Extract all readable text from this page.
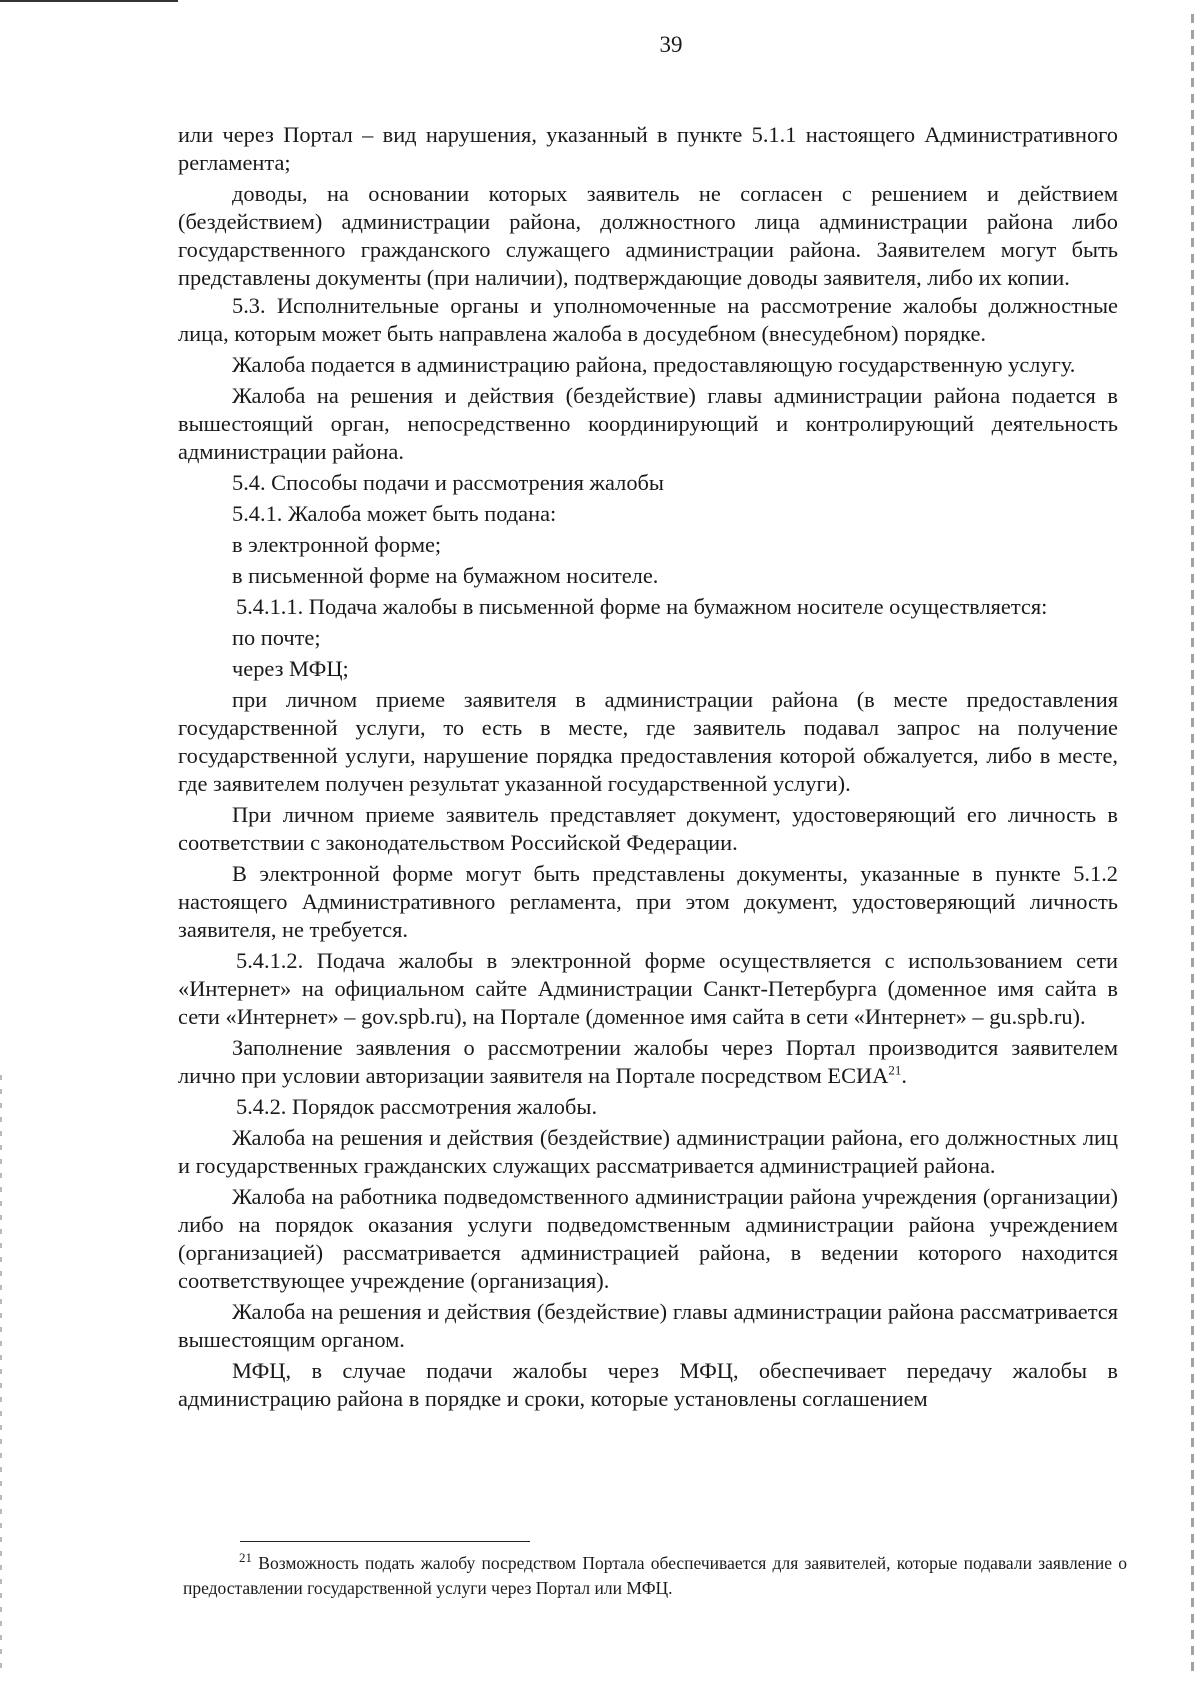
39

или через Портал – вид нарушения, указанный в пункте 5.1.1 настоящего Административного регламента;

доводы, на основании которых заявитель не согласен с решением и действием (бездействием) администрации района, должностного лица администрации района либо государственного гражданского служащего администрации района. Заявителем могут быть представлены документы (при наличии), подтверждающие доводы заявителя, либо их копии.

5.3. Исполнительные органы и уполномоченные на рассмотрение жалобы должностные лица, которым может быть направлена жалоба в досудебном (внесудебном) порядке.

Жалоба подается в администрацию района, предоставляющую государственную услугу.

Жалоба на решения и действия (бездействие) главы администрации района подается в вышестоящий орган, непосредственно координирующий и контролирующий деятельность администрации района.

5.4. Способы подачи и рассмотрения жалобы

5.4.1. Жалоба может быть подана:

в электронной форме;

в письменной форме на бумажном носителе.

5.4.1.1. Подача жалобы в письменной форме на бумажном носителе осуществляется:

по почте;

через МФЦ;

при личном приеме заявителя в администрации района (в месте предоставления государственной услуги, то есть в месте, где заявитель подавал запрос на получение государственной услуги, нарушение порядка предоставления которой обжалуется, либо в месте, где заявителем получен результат указанной государственной услуги).

При личном приеме заявитель представляет документ, удостоверяющий его личность в соответствии с законодательством Российской Федерации.

В электронной форме могут быть представлены документы, указанные в пункте 5.1.2 настоящего Административного регламента, при этом документ, удостоверяющий личность заявителя, не требуется.

5.4.1.2. Подача жалобы в электронной форме осуществляется с использованием сети «Интернет» на официальном сайте Администрации Санкт-Петербурга (доменное имя сайта в сети «Интернет» – gov.spb.ru), на Портале (доменное имя сайта в сети «Интернет» – gu.spb.ru).

Заполнение заявления о рассмотрении жалобы через Портал производится заявителем лично при условии авторизации заявителя на Портале посредством ЕСИА$^{21}$.

5.4.2. Порядок рассмотрения жалобы.

Жалоба на решения и действия (бездействие) администрации района, его должностных лиц и государственных гражданских служащих рассматривается администрацией района.

Жалоба на работника подведомственного администрации района учреждения (организации) либо на порядок оказания услуги подведомственным администрации района учреждением (организацией) рассматривается администрацией района, в ведении которого находится соответствующее учреждение (организация).

Жалоба на решения и действия (бездействие) главы администрации района рассматривается вышестоящим органом.

МФЦ, в случае подачи жалобы через МФЦ, обеспечивает передачу жалобы в администрацию района в порядке и сроки, которые установлены соглашением

$^{21}$ Возможность подать жалобу посредством Портала обеспечивается для заявителей, которые подавали заявление о предоставлении государственной услуги через Портал или МФЦ.
